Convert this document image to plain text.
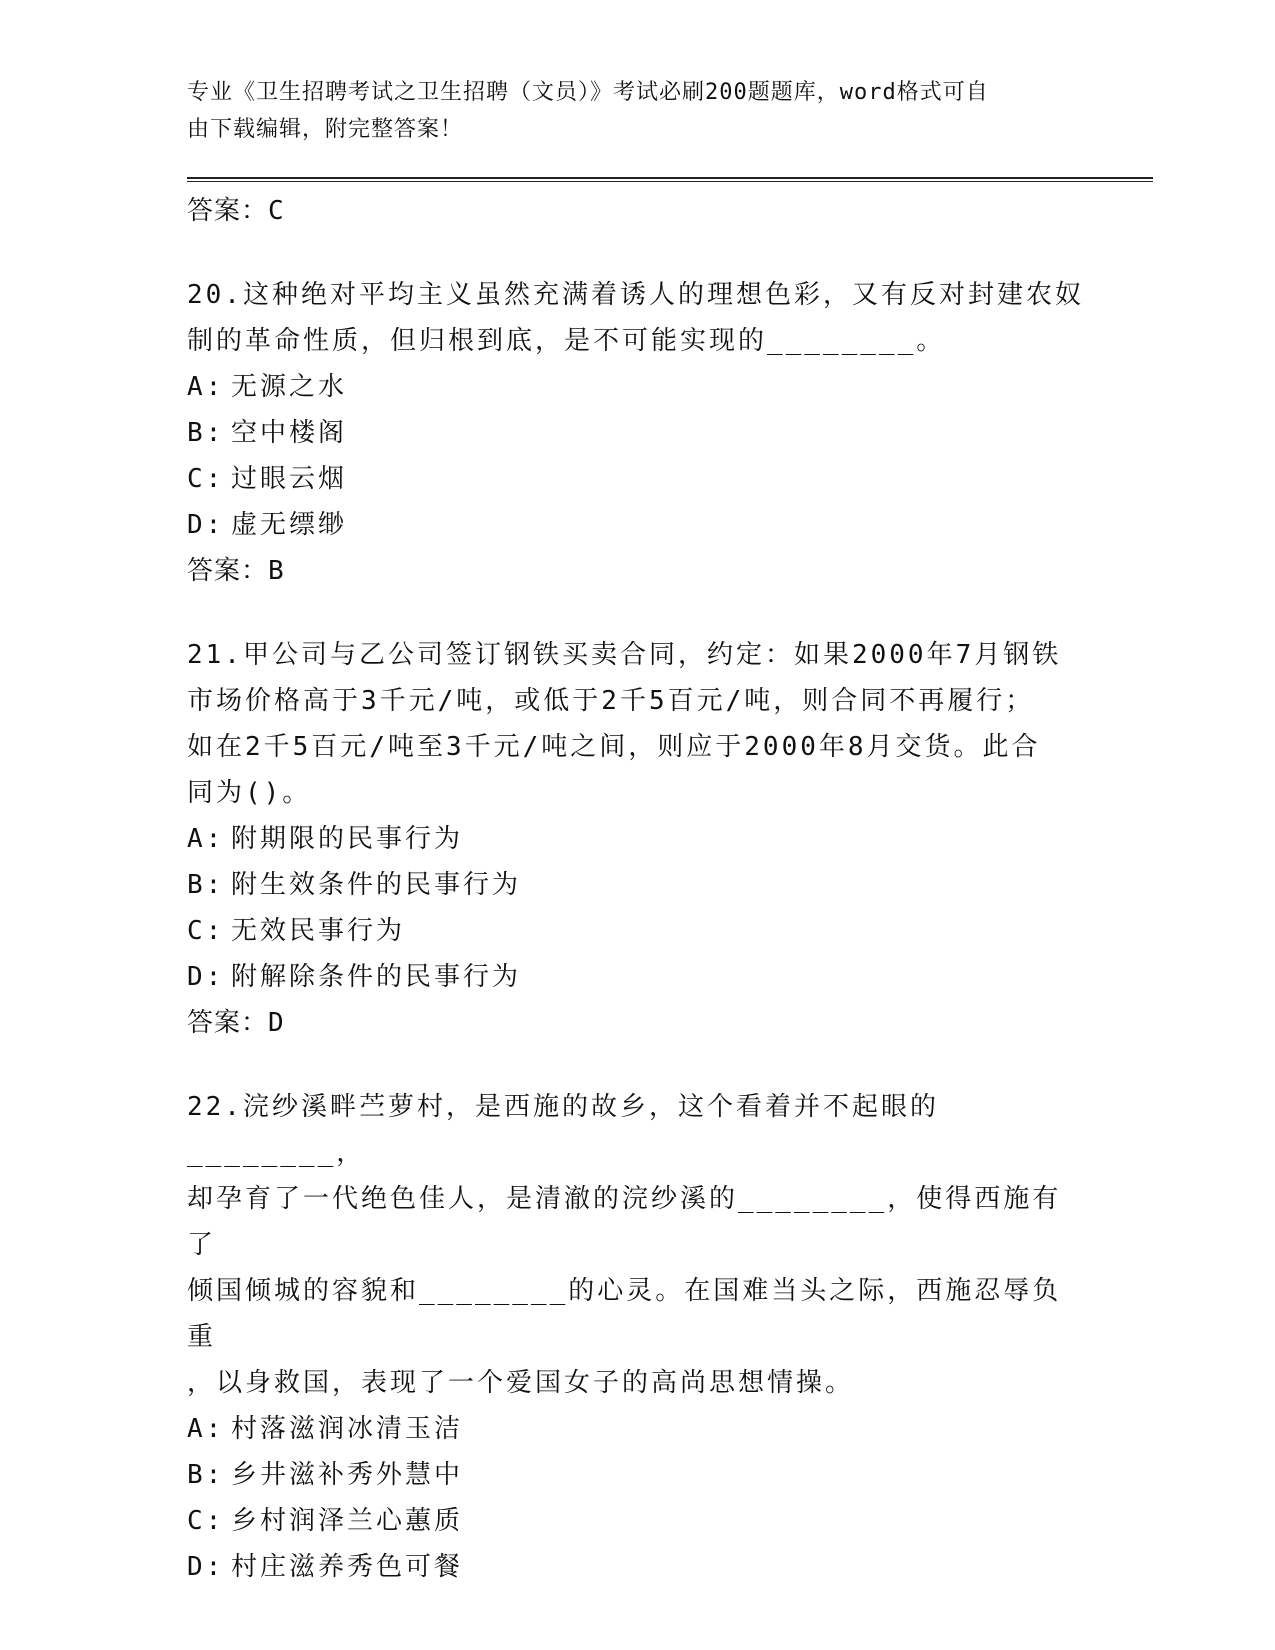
专业《卫生招聘考试之卫生招聘（文员）》考试必刷200题题库，word格式可自
由下载编辑，附完整答案！
答案：C
20.这种绝对平均主义虽然充满着诱人的理想色彩，又有反对封建农奴
制的革命性质，但归根到底，是不可能实现的________。
A: 无源之水
B: 空中楼阁
C: 过眼云烟
D: 虚无缥缈
答案：B
21.甲公司与乙公司签订钢铁买卖合同，约定：如果2000年7月钢铁
市场价格高于3千元/吨，或低于2千5百元/吨，则合同不再履行；
如在2千5百元/吨至3千元/吨之间，则应于2000年8月交货。此合
同为()。
A: 附期限的民事行为
B: 附生效条件的民事行为
C: 无效民事行为
D: 附解除条件的民事行为
答案：D
22.浣纱溪畔苎萝村，是西施的故乡，这个看着并不起眼的________，
却孕育了一代绝色佳人，是清澈的浣纱溪的________，使得西施有了
倾国倾城的容貌和________的心灵。在国难当头之际，西施忍辱负重
，以身救国，表现了一个爱国女子的高尚思想情操。
A: 村落滋润冰清玉洁
B: 乡井滋补秀外慧中
C: 乡村润泽兰心蕙质
D: 村庄滋养秀色可餐
